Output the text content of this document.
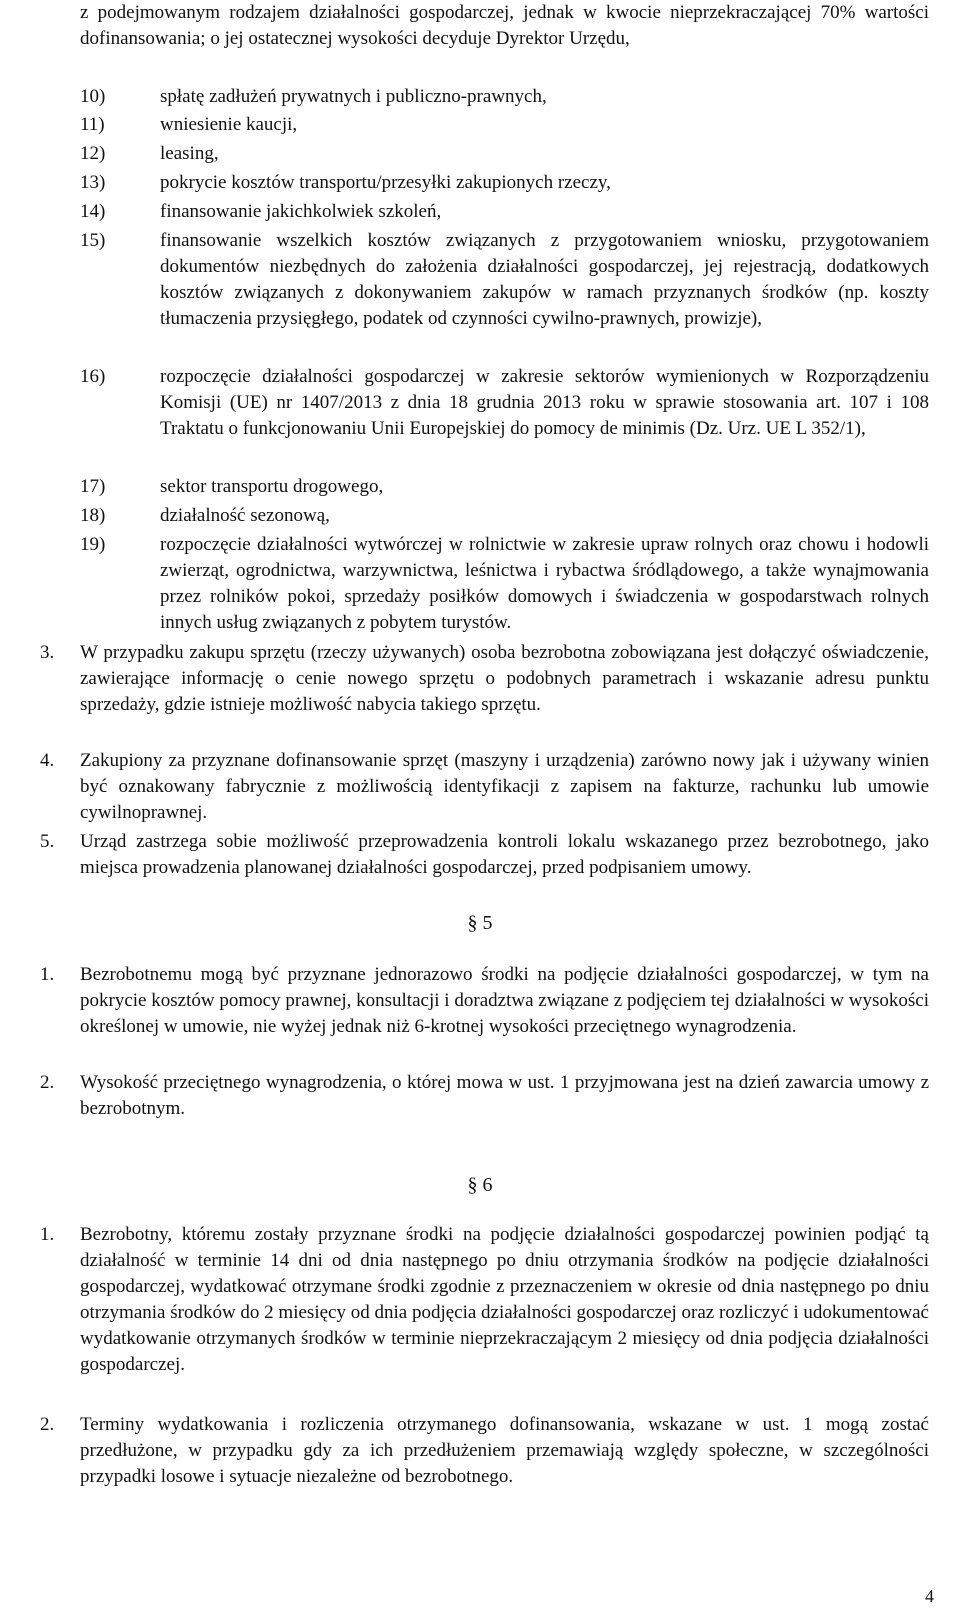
z podejmowanym rodzajem działalności gospodarczej, jednak w kwocie nieprzekraczającej 70% wartości dofinansowania; o jej ostatecznej wysokości decyduje Dyrektor Urzędu,
10)	spłatę zadłużeń prywatnych i publiczno-prawnych,
11)	wniesienie kaucji,
12)	leasing,
13)	pokrycie kosztów transportu/przesyłki zakupionych rzeczy,
14)	finansowanie jakichkolwiek szkoleń,
15)	finansowanie wszelkich kosztów związanych z przygotowaniem wniosku, przygotowaniem dokumentów niezbędnych do założenia działalności gospodarczej, jej rejestracją, dodatkowych kosztów związanych z dokonywaniem zakupów w ramach przyznanych środków (np. koszty tłumaczenia przysięgłego, podatek od czynności cywilno-prawnych, prowizje),
16)	rozpoczęcie działalności gospodarczej w zakresie sektorów wymienionych w Rozporządzeniu Komisji (UE) nr 1407/2013 z dnia 18 grudnia 2013 roku w sprawie stosowania art. 107 i 108 Traktatu o funkcjonowaniu Unii Europejskiej do pomocy de minimis (Dz. Urz. UE L 352/1),
17)	sektor transportu drogowego,
18)	działalność sezonową,
19)	rozpoczęcie działalności wytwórczej w rolnictwie w zakresie upraw rolnych oraz chowu i hodowli zwierząt, ogrodnictwa, warzywnictwa, leśnictwa i rybactwa śródlądowego, a także wynajmowania przez rolników pokoi, sprzedaży posiłków domowych i świadczenia w gospodarstwach rolnych innych usług związanych z pobytem turystów.
3.	W przypadku zakupu sprzętu (rzeczy używanych) osoba bezrobotna zobowiązana jest dołączyć oświadczenie, zawierające informację o cenie nowego sprzętu o podobnych parametrach i wskazanie adresu punktu sprzedaży, gdzie istnieje możliwość nabycia takiego sprzętu.
4.	Zakupiony za przyznane dofinansowanie sprzęt (maszyny i urządzenia) zarówno nowy jak i używany winien być oznakowany fabrycznie z możliwością identyfikacji z zapisem na fakturze, rachunku lub umowie cywilnoprawnej.
5.	Urząd zastrzega sobie możliwość przeprowadzenia kontroli lokalu wskazanego przez bezrobotnego, jako miejsca prowadzenia planowanej działalności gospodarczej, przed podpisaniem umowy.
§ 5
1.	Bezrobotnemu mogą być przyznane jednorazowo środki na podjęcie działalności gospodarczej, w tym na pokrycie kosztów pomocy prawnej, konsultacji i doradztwa związane z podjęciem tej działalności w wysokości określonej w umowie, nie wyżej jednak niż 6-krotnej wysokości przeciętnego wynagrodzenia.
2.	Wysokość przeciętnego wynagrodzenia, o której mowa w ust. 1 przyjmowana jest na dzień zawarcia umowy z bezrobotnym.
§ 6
1.	Bezrobotny, któremu zostały przyznane środki na podjęcie działalności gospodarczej powinien podjąć tą działalność w terminie 14 dni od dnia następnego po dniu otrzymania środków na podjęcie działalności gospodarczej, wydatkować otrzymane środki zgodnie z przeznaczeniem w okresie od dnia następnego po dniu otrzymania środków do 2 miesięcy od dnia podjęcia działalności gospodarczej oraz rozliczyć i udokumentować wydatkowanie otrzymanych środków w terminie nieprzekraczającym 2 miesięcy od dnia podjęcia działalności gospodarczej.
2.	Terminy wydatkowania i rozliczenia otrzymanego dofinansowania, wskazane w ust. 1 mogą zostać przedłużone, w przypadku gdy za ich przedłużeniem przemawiają względy społeczne, w szczególności przypadki losowe i sytuacje niezależne od bezrobotnego.
4
